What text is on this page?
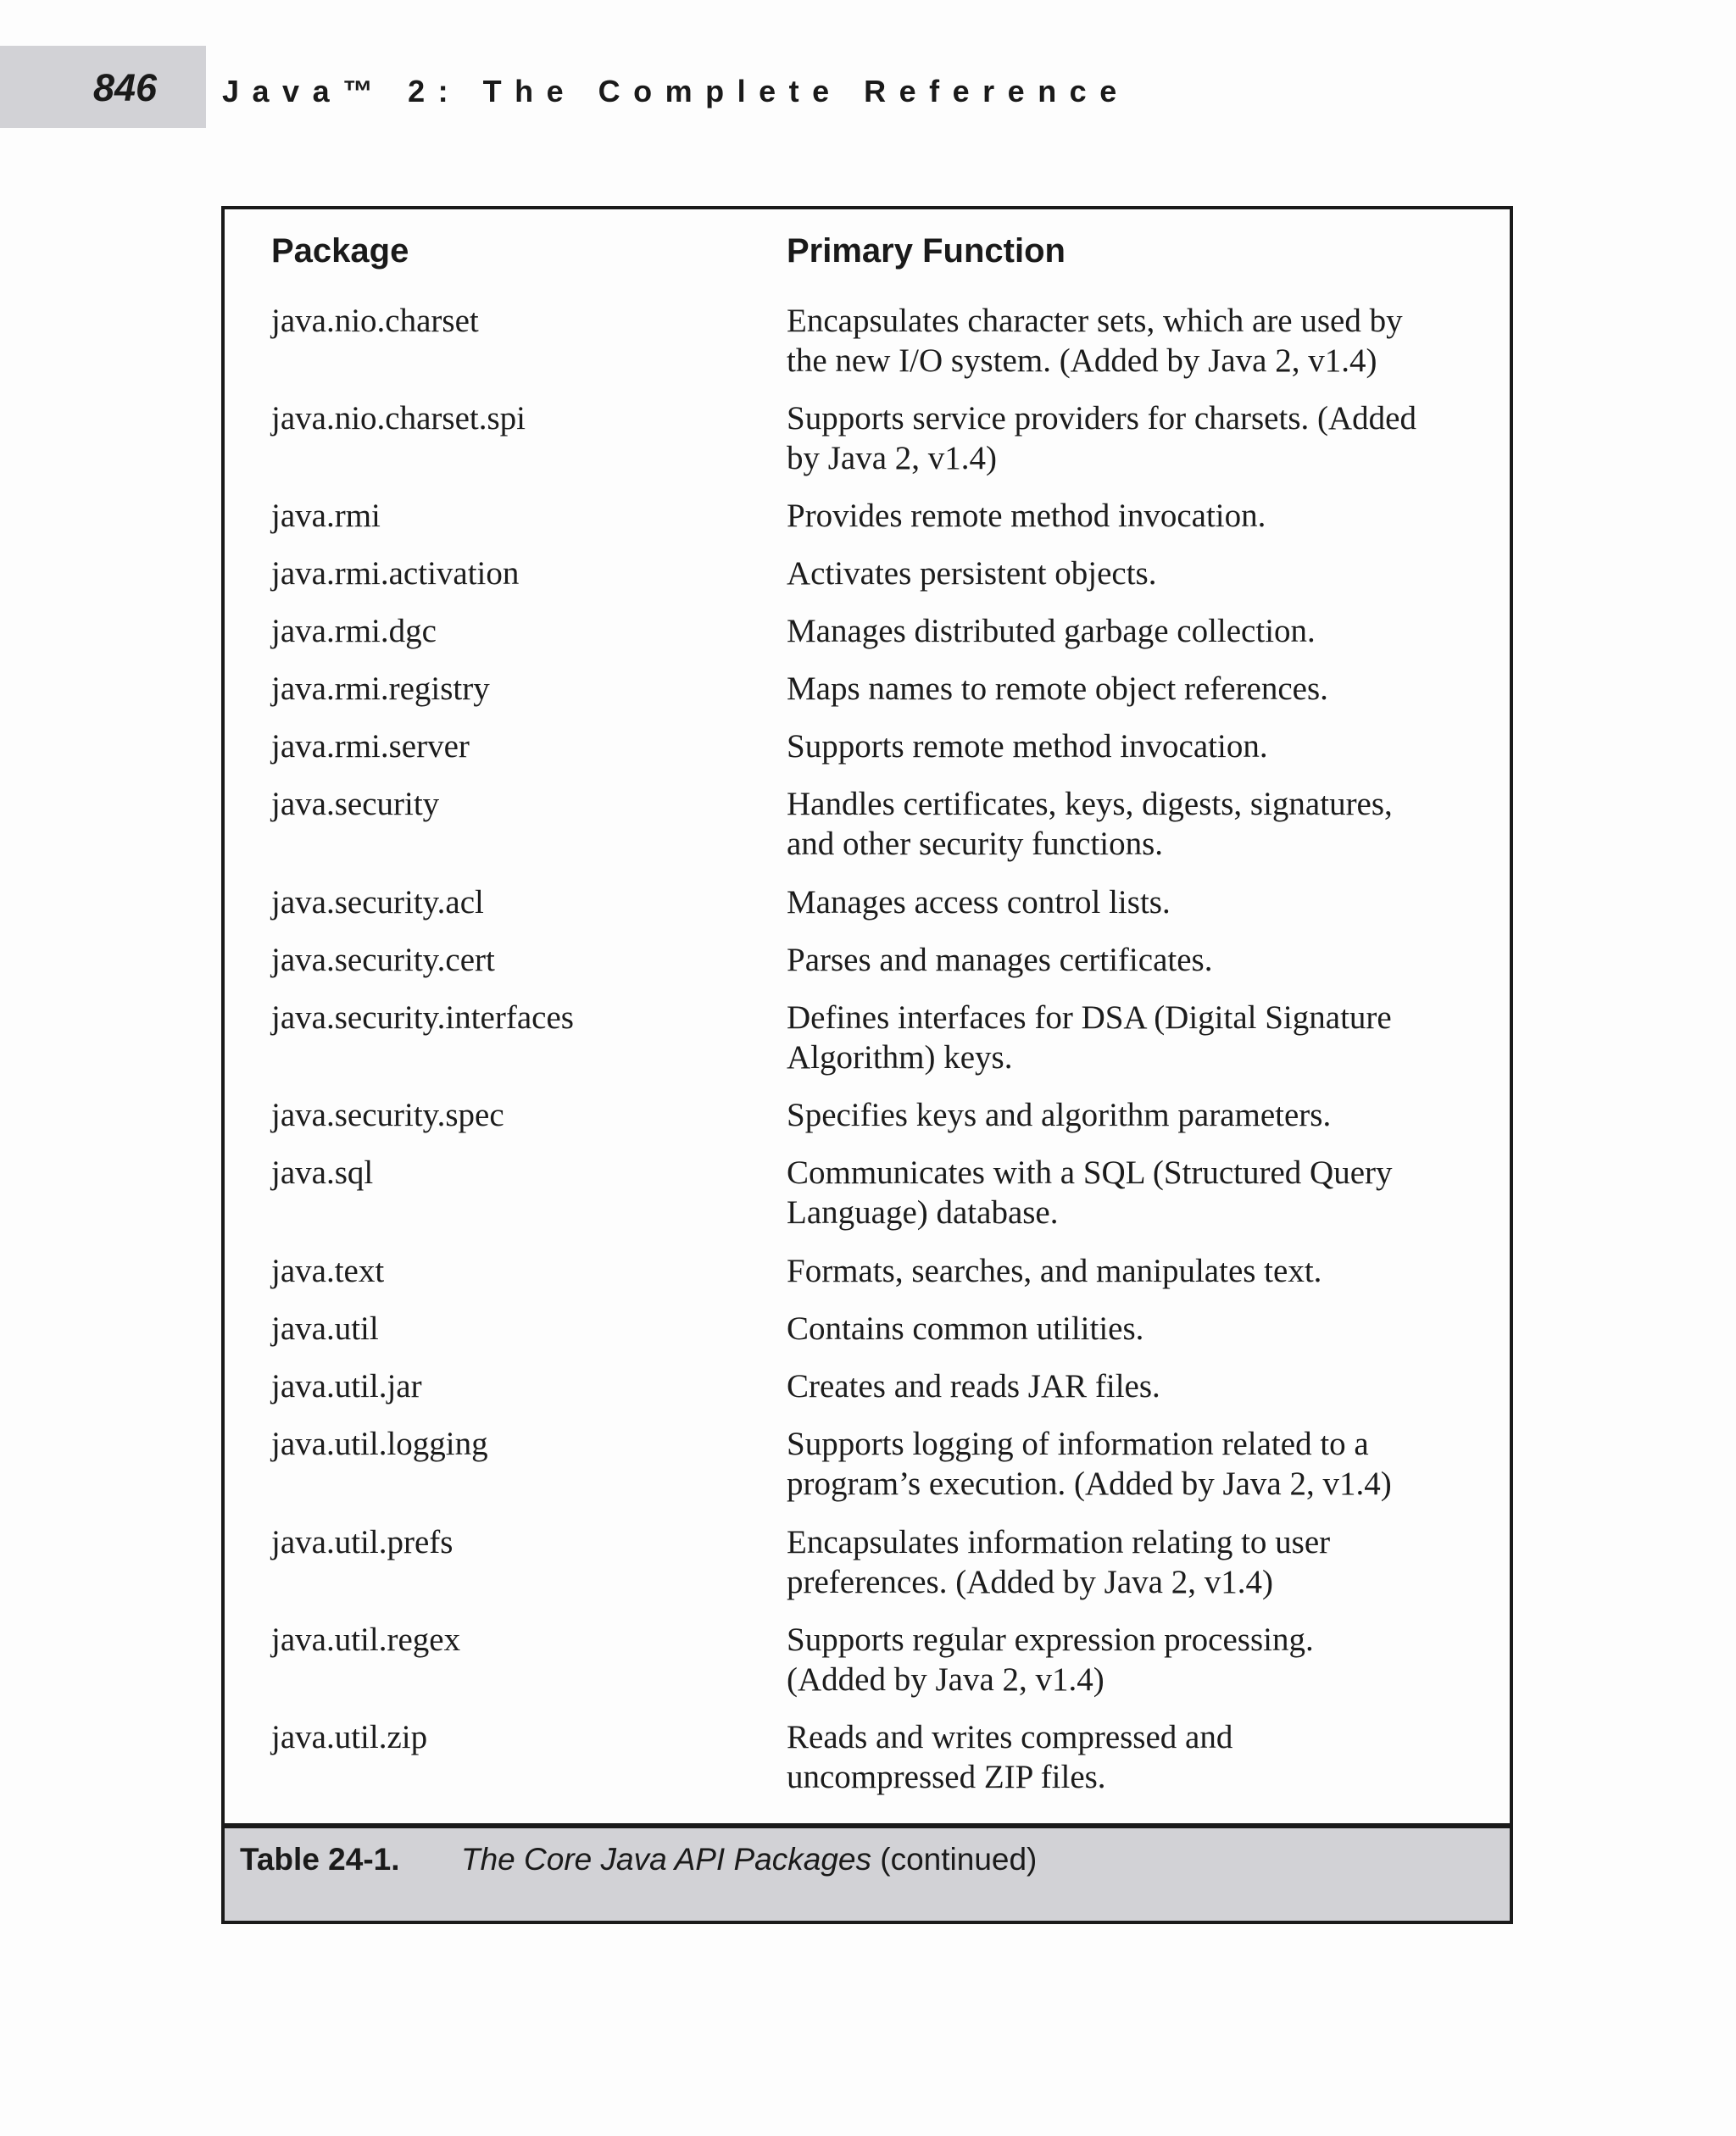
846 Java™ 2: The Complete Reference
Package	Primary Function
java.nio.charset	Encapsulates character sets, which are used by
the new I/O system. (Added by Java 2, v1.4)
java.nio.charset.spi	Supports service providers for charsets. (Added
by Java 2, v1.4)
java.rmi	Provides remote method invocation.
java.rmi.activation	Activates persistent objects.
java.rmi.dgc	Manages distributed garbage collection.
java.rmi.registry	Maps names to remote object references.
java.rmi.server	Supports remote method invocation.
java.security	Handles certificates, keys, digests, signatures,
and other security functions.
java.security.acl	Manages access control lists.
java.security.cert	Parses and manages certificates.
java.security.interfaces	Defines interfaces for DSA (Digital Signature
Algorithm) keys.
java.security.spec	Specifies keys and algorithm parameters.
java.sql	Communicates with a SQL (Structured Query
Language) database.
java.text	Formats, searches, and manipulates text.
java.util	Contains common utilities.
java.util.jar	Creates and reads JAR files.
java.util.logging	Supports logging of information related to a
program’s execution. (Added by Java 2, v1.4)
java.util.prefs	Encapsulates information relating to user
preferences. (Added by Java 2, v1.4)
java.util.regex	Supports regular expression processing.
(Added by Java 2, v1.4)
java.util.zip	Reads and writes compressed and
uncompressed ZIP files.
Table 24-1. The Core Java API Packages (continued)
